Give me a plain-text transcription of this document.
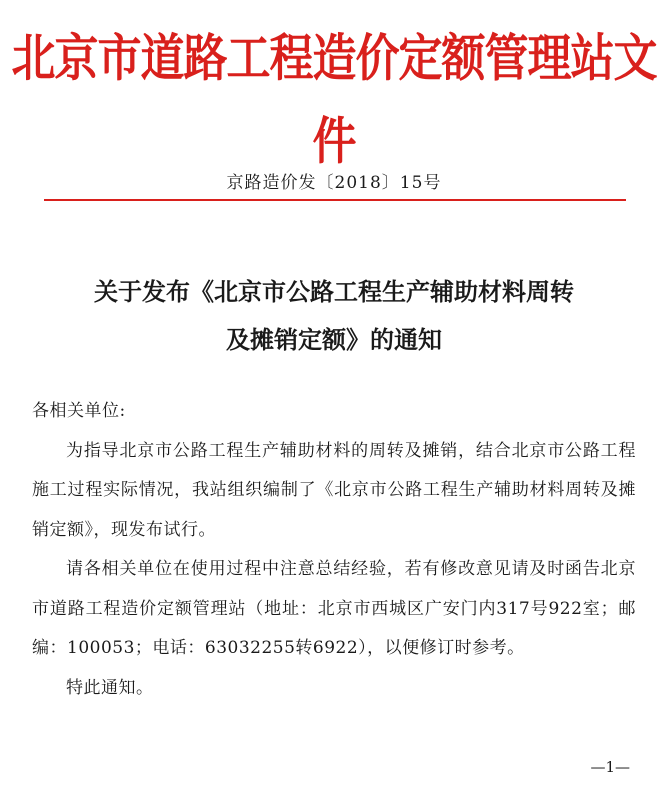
北京市道路工程造价定额管理站文件
京路造价发〔2018〕15号
关于发布《北京市公路工程生产辅助材料周转
及摊销定额》的通知

各相关单位:

为指导北京市公路工程生产辅助材料的周转及摊销，结合北京市公路工程施工过程实际情况，我站组织编制了《北京市公路工程生产辅助材料周转及摊销定额》，现发布试行。

请各相关单位在使用过程中注意总结经验，若有修改意见请及时函告北京市道路工程造价定额管理站（地址：北京市西城区广安门内317号922室；邮编：100053；电话：63032255转6922），以便修订时参考。

特此通知。

—1—
